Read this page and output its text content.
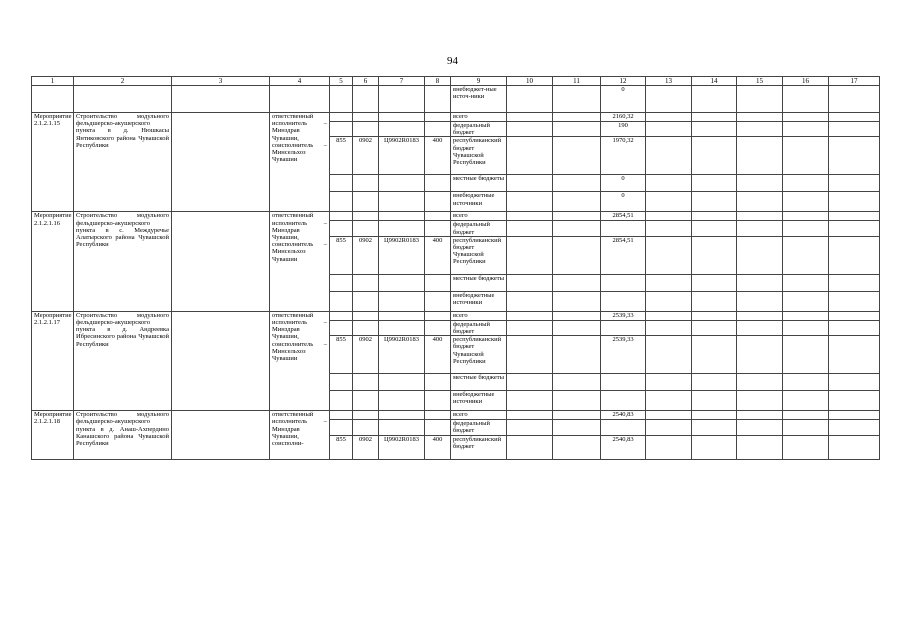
94
1	2	3	4	5	6	7	8	9	10	11	12	13	14	15	16	17
								внебюджет-ные источ-ники			0					
Мероприятие 2.1.2.1.15	Строительство модульного фельдшерско-акушерского пункта в д. Нюшкасы Янтиковского района Чувашской Республики		ответственный исполнитель – Минздрав Чувашии, соисполнитель – Минсельхоз Чувашии					всего			2160,32					
								федеральный бюджет			190					
				855	0902	Ц9902R0183	400	республиканский бюджет Чувашской Республики			1970,32					
								местные бюджеты			0					
								внебюджетные источники			0					
Мероприятие 2.1.2.1.16	Строительство модульного фельдшерско-акушерского пункта в с. Междуречье Алатырского района Чувашской Республики		ответственный исполнитель – Минздрав Чувашии, соисполнитель – Минсельхоз Чувашии					всего			2854,51					
								федеральный бюджет								
				855	0902	Ц9902R0183	400	республиканский бюджет Чувашской Республики			2854,51					
								местные бюджеты								
								внебюджетные источники								
Мероприятие 2.1.2.1.17	Строительство модульного фельдшерско-акушерского пункта в д. Андреевка Ибресинского района Чувашской Республики		ответственный исполнитель – Минздрав Чувашии, соисполнитель – Минсельхоз Чувашии					всего			2539,33					
								федеральный бюджет								
				855	0902	Ц9902R0183	400	республиканский бюджет Чувашской Республики			2539,33					
								местные бюджеты								
								внебюджетные источники								
Мероприятие 2.1.2.1.18	Строительство модульного фельдшерско-акушерского пункта в д. Анаш-Ахпердино Канашского района Чувашской Республики		ответственный исполнитель – Минздрав Чувашии, соисполни-					всего			2540,83					
								федеральный бюджет								
				855	0902	Ц9902R0183	400	республиканский бюджет			2540,83					
